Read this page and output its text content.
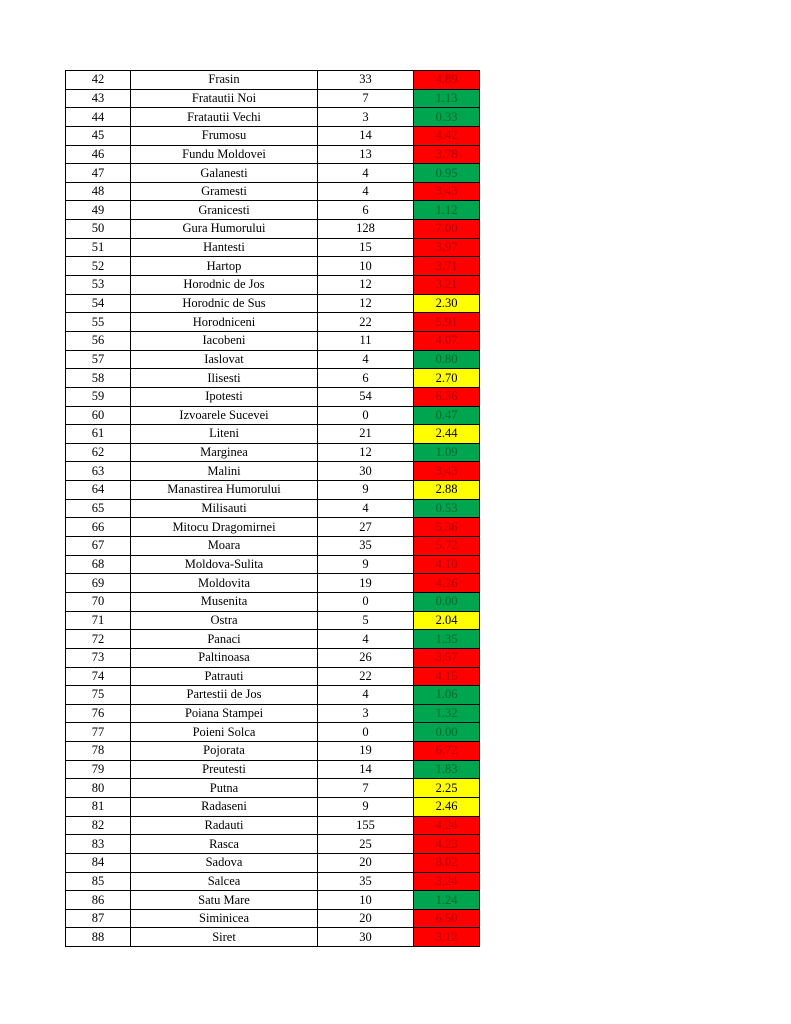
42	Frasin	33	4.89
43	Fratautii Noi	7	1.13
44	Fratautii Vechi	3	0.33
45	Frumosu	14	4.42
46	Fundu Moldovei	13	3.78
47	Galanesti	4	0.95
48	Gramesti	4	3.43
49	Granicesti	6	1.12
50	Gura Humorului	128	7.00
51	Hantesti	15	3.97
52	Hartop	10	3.71
53	Horodnic de Jos	12	3.21
54	Horodnic de Sus	12	2.30
55	Horodniceni	22	5.91
56	Iacobeni	11	4.07
57	Iaslovat	4	0.80
58	Ilisesti	6	2.70
59	Ipotesti	54	6.36
60	Izvoarele Sucevei	0	0.47
61	Liteni	21	2.44
62	Marginea	12	1.09
63	Malini	30	3.43
64	Manastirea Humorului	9	2.88
65	Milisauti	4	0.53
66	Mitocu Dragomirnei	27	5.36
67	Moara	35	5.72
68	Moldova-Sulita	9	4.10
69	Moldovita	19	4.26
70	Musenita	0	0.00
71	Ostra	5	2.04
72	Panaci	4	1.35
73	Paltinoasa	26	3.57
74	Patrauti	22	4.15
75	Partestii de Jos	4	1.06
76	Poiana Stampei	3	1.32
77	Poieni Solca	0	0.00
78	Pojorata	19	6.72
79	Preutesti	14	1.83
80	Putna	7	2.25
81	Radaseni	9	2.46
82	Radauti	155	4.24
83	Rasca	25	4.23
84	Sadova	20	8.02
85	Salcea	35	3.24
86	Satu Mare	10	1.24
87	Siminicea	20	6.50
88	Siret	30	3.12
